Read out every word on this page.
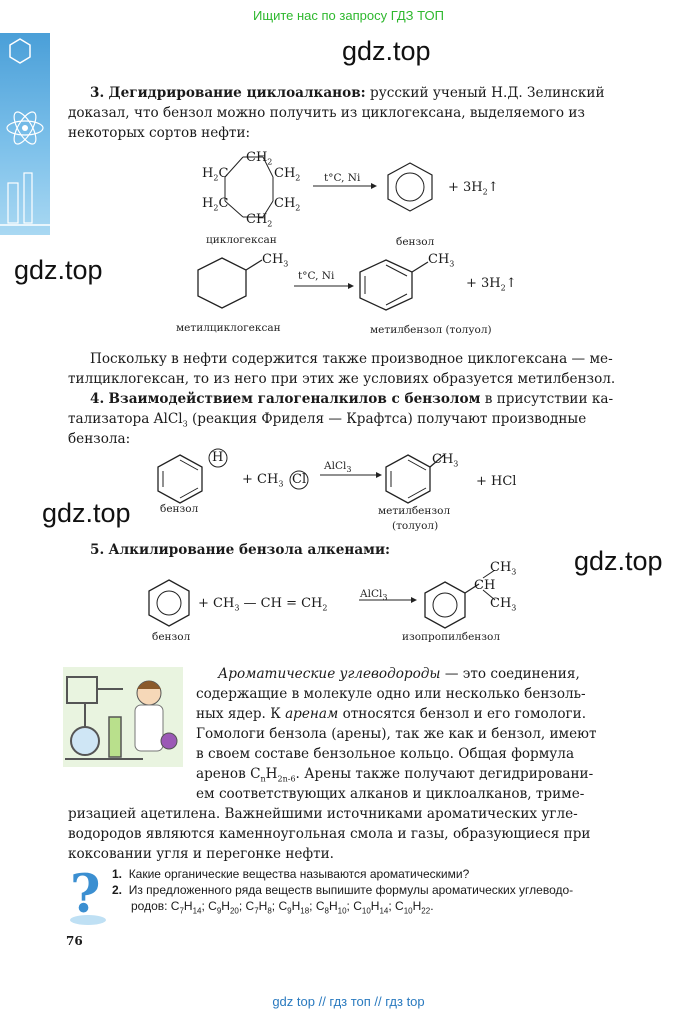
Ищите нас по запросу ГДЗ ТОП
gdz.top
gdz.top
gdz.top
gdz.top
3. Дегидрирование циклоалканов: русский ученый Н.Д. Зелинский
доказал, что бензол можно получить из циклогексана, выделяемого из
некоторых сортов нефти:
$H_2C$
$H_2C$
$CH_2$
$CH_2$
$CH_2$
$CH_2$
t°C, Ni
+ $3H_2↑$
циклогексан	бензол
$CH_3$
t°C, Ni
$CH_3$
+ $3H_2↑$
метилциклогексан	метилбензол (толуол)
Поскольку в нефти содержится также производное циклогексана — ме-
тилциклогексан, то из него при этих же условиях образуется метилбензол.
4. Взаимодействием галогеналкилов с бензолом в присутствии ка-
тализатора AlCl$_3$ (реакция Фриделя — Крафтса) получают производные
бензола:
H
+ $CH_3$ Cl
AlCl$_3$
$CH_3$
+ HCl
бензол	метилбензол
(толуол)
5. Алкилирование бензола алкенами:
+ $CH_3$ — CH = $CH_2$
AlCl$_3$
$CH_3$
CH
$CH_3$
бензол	изопропилбензол
Ароматические углеводороды — это соединения,
содержащие в молекуле одно или несколько бензоль-
ных ядер. К аренам относятся бензол и его гомологи.
Гомологи бензола (арены), так же как и бензол, имеют
в своем составе бензольное кольцо. Общая формула
аренов $C_nH_{2n-6}$. Арены также получают дегидрировани-
ем соответствующих алканов и циклоалканов, триме-
ризацией ацетилена. Важнейшими источниками ароматических угле-
водородов являются каменноугольная смола и газы, образующиеся при
коксовании угля и перегонке нефти.
? 1. Какие органические вещества называются ароматическими?
2. Из предложенного ряда веществ выпишите формулы ароматических углеводо-
родов: $C_7H_{14}$; $C_9H_{20}$; $C_7H_8$; $C_9H_{18}$; $C_8H_{10}$; $C_{10}H_{14}$; $C_{10}H_{22}$.
76
gdz top // гдз топ // гдз top
